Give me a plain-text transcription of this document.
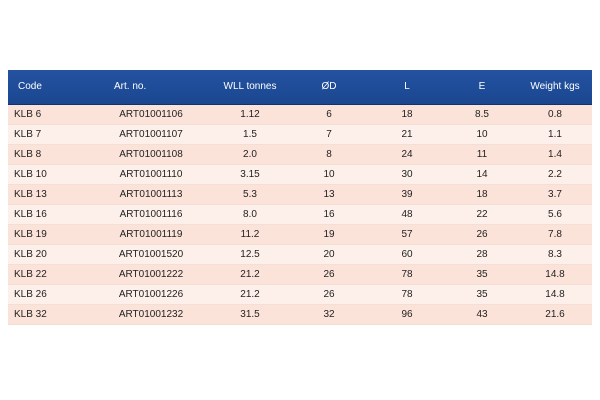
Code	Art. no.	WLL tonnes	ØD	L	E	Weight kgs
KLB 6	ART01001106	1.12	6	18	8.5	0.8
KLB 7	ART01001107	1.5	7	21	10	1.1
KLB 8	ART01001108	2.0	8	24	11	1.4
KLB 10	ART01001110	3.15	10	30	14	2.2
KLB 13	ART01001113	5.3	13	39	18	3.7
KLB 16	ART01001116	8.0	16	48	22	5.6
KLB 19	ART01001119	11.2	19	57	26	7.8
KLB 20	ART01001520	12.5	20	60	28	8.3
KLB 22	ART01001222	21.2	26	78	35	14.8
KLB 26	ART01001226	21.2	26	78	35	14.8
KLB 32	ART01001232	31.5	32	96	43	21.6
